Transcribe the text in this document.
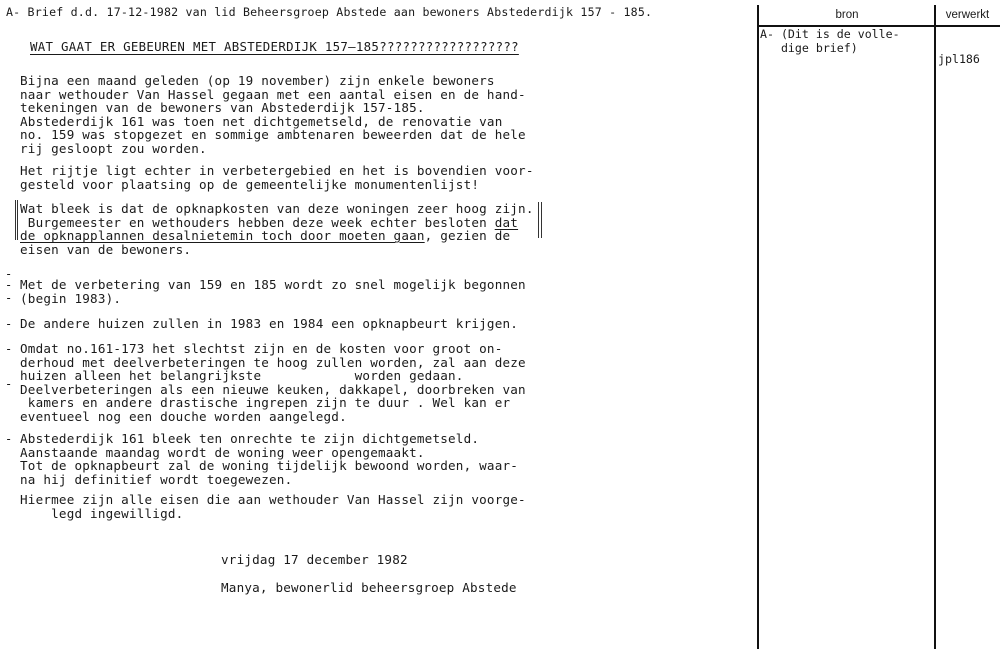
A- Brief d.d. 17-12-1982 van lid Beheersgroep Abstede aan bewoners Abstederdijk 157 - 185.
WAT GAAT ER GEBEUREN MET ABSTEDERDIJK 157–185??????????????????
Bijna een maand geleden (op 19 november) zijn enkele bewoners
naar wethouder Van Hassel gegaan met een aantal eisen en de hand-
tekeningen van de bewoners van Abstederdijk 157-185.
Abstederdijk 161 was toen net dichtgemetseld, de renovatie van
no. 159 was stopgezet en sommige ambtenaren beweerden dat de hele
rij gesloopt zou worden.
Het rijtje ligt echter in verbetergebied en het is bovendien voor-
gesteld voor plaatsing op de gemeentelijke monumentenlijst!
Wat bleek is dat de opknapkosten van deze woningen zeer hoog zijn.
Burgemeester en wethouders hebben deze week echter besloten dat
de opknapplannen desalnietemin toch door moeten gaan, gezien de
eisen van de bewoners.
-
-
-
Met de verbetering van 159 en 185 wordt zo snel mogelijk begonnen
(begin 1983).
- De andere huizen zullen in 1983 en 1984 een opknapbeurt krijgen.
-
-
Omdat no.161-173 het slechtst zijn en de kosten voor groot on-
derhoud met deelverbeteringen te hoog zullen worden, zal aan deze
huizen alleen het belangrijkste            worden gedaan.
Deelverbeteringen als een nieuwe keuken, dakkapel, doorbreken van
kamers en andere drastische ingrepen zijn te duur . Wel kan er
eventueel nog een douche worden aangelegd.
- Abstederdijk 161 bleek ten onrechte te zijn dichtgemetseld.
Aanstaande maandag wordt de woning weer opengemaakt.
Tot de opknapbeurt zal de woning tijdelijk bewoond worden, waar-
na hij definitief wordt toegewezen.
Hiermee zijn alle eisen die aan wethouder Van Hassel zijn voorge-
legd ingewilligd.
vrijdag 17 december 1982
Manya, bewonerlid beheersgroep Abstede
bron	verwerkt
A- (Dit is de volle-
dige brief)
jpl186
